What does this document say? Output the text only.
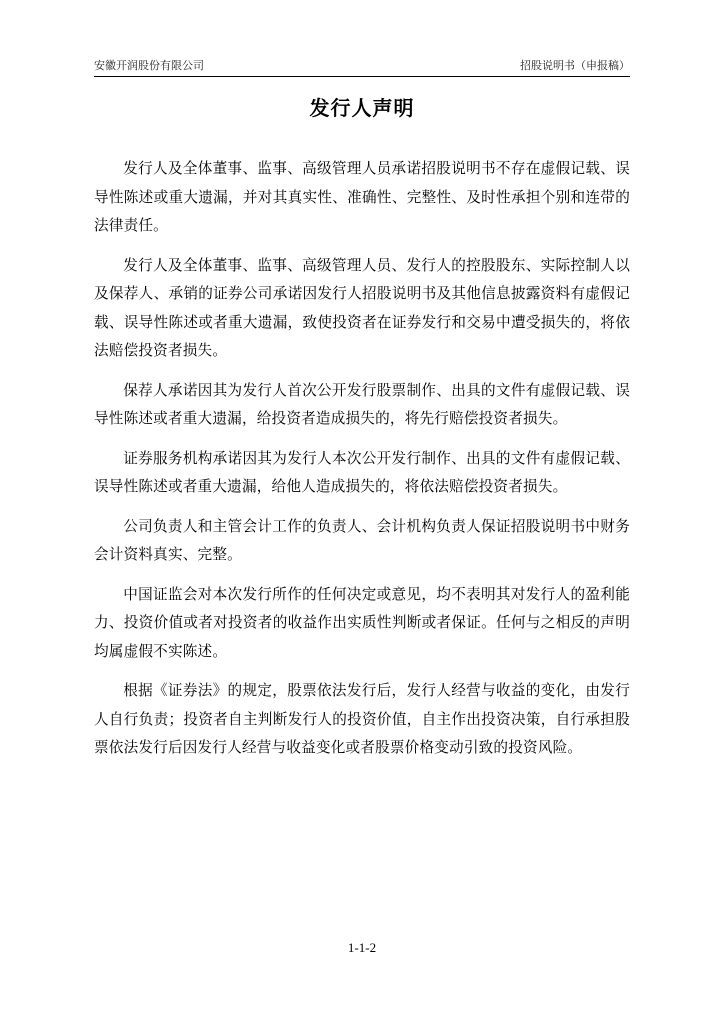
安徽开润股份有限公司	招股说明书（申报稿）
发行人声明

发行人及全体董事、监事、高级管理人员承诺招股说明书不存在虚假记载、误导性陈述或重大遗漏，并对其真实性、准确性、完整性、及时性承担个别和连带的法律责任。

发行人及全体董事、监事、高级管理人员、发行人的控股股东、实际控制人以及保荐人、承销的证券公司承诺因发行人招股说明书及其他信息披露资料有虚假记载、误导性陈述或者重大遗漏，致使投资者在证券发行和交易中遭受损失的，将依法赔偿投资者损失。

保荐人承诺因其为发行人首次公开发行股票制作、出具的文件有虚假记载、误导性陈述或者重大遗漏，给投资者造成损失的，将先行赔偿投资者损失。

证券服务机构承诺因其为发行人本次公开发行制作、出具的文件有虚假记载、误导性陈述或者重大遗漏，给他人造成损失的，将依法赔偿投资者损失。

公司负责人和主管会计工作的负责人、会计机构负责人保证招股说明书中财务会计资料真实、完整。

中国证监会对本次发行所作的任何决定或意见，均不表明其对发行人的盈利能力、投资价值或者对投资者的收益作出实质性判断或者保证。任何与之相反的声明均属虚假不实陈述。

根据《证券法》的规定，股票依法发行后，发行人经营与收益的变化，由发行人自行负责；投资者自主判断发行人的投资价值，自主作出投资决策，自行承担股票依法发行后因发行人经营与收益变化或者股票价格变动引致的投资风险。

1-1-2
